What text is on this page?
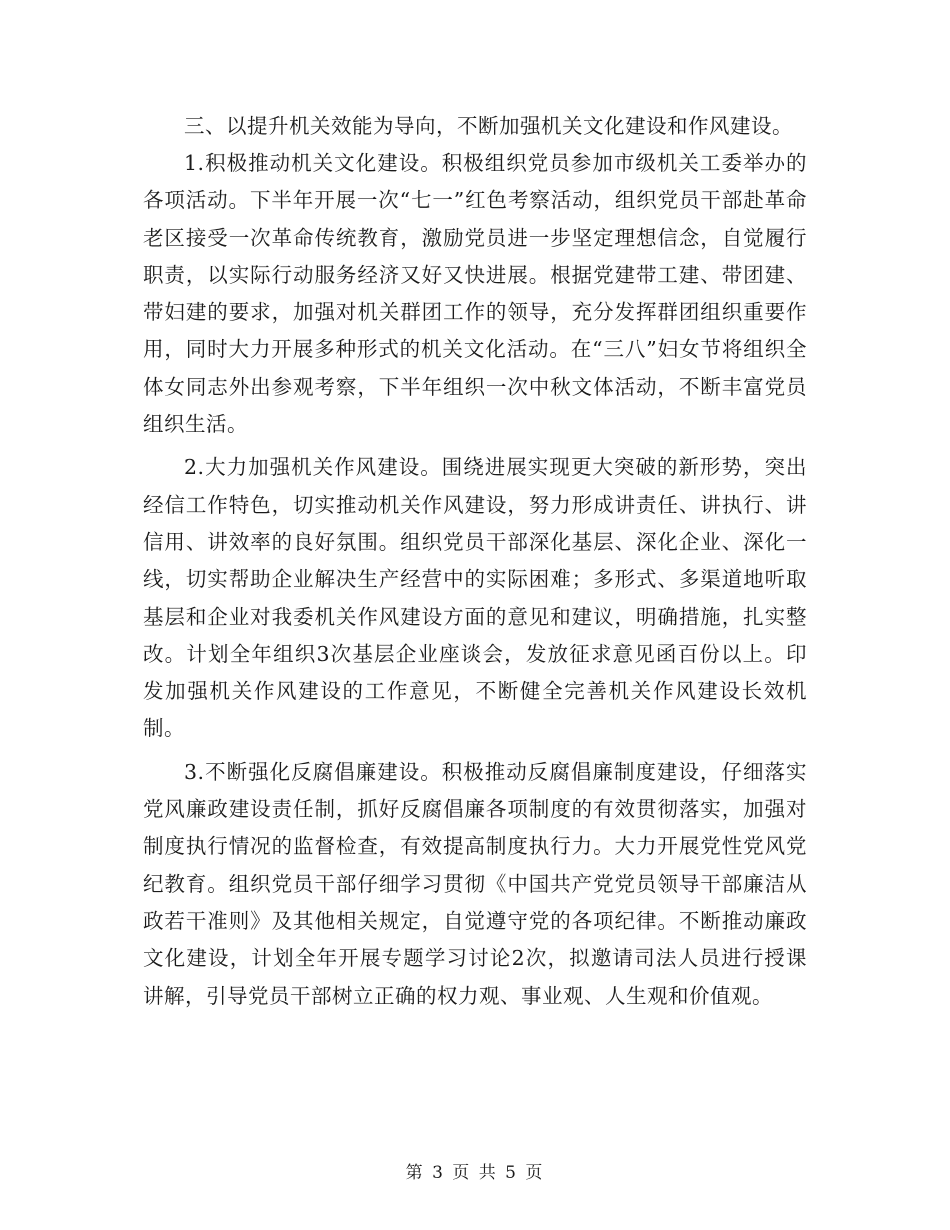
三、以提升机关效能为导向，不断加强机关文化建设和作风建设。

1.积极推动机关文化建设。积极组织党员参加市级机关工委举办的各项活动。下半年开展一次“七一”红色考察活动，组织党员干部赴革命老区接受一次革命传统教育，激励党员进一步坚定理想信念，自觉履行职责，以实际行动服务经济又好又快进展。根据党建带工建、带团建、带妇建的要求，加强对机关群团工作的领导，充分发挥群团组织重要作用，同时大力开展多种形式的机关文化活动。在“三八”妇女节将组织全体女同志外出参观考察，下半年组织一次中秋文体活动，不断丰富党员组织生活。

2.大力加强机关作风建设。围绕进展实现更大突破的新形势，突出经信工作特色，切实推动机关作风建设，努力形成讲责任、讲执行、讲信用、讲效率的良好氛围。组织党员干部深化基层、深化企业、深化一线，切实帮助企业解决生产经营中的实际困难；多形式、多渠道地听取基层和企业对我委机关作风建设方面的意见和建议，明确措施，扎实整改。计划全年组织3次基层企业座谈会，发放征求意见函百份以上。印发加强机关作风建设的工作意见，不断健全完善机关作风建设长效机制。

3.不断强化反腐倡廉建设。积极推动反腐倡廉制度建设，仔细落实党风廉政建设责任制，抓好反腐倡廉各项制度的有效贯彻落实，加强对制度执行情况的监督检查，有效提高制度执行力。大力开展党性党风党纪教育。组织党员干部仔细学习贯彻《中国共产党党员领导干部廉洁从政若干准则》及其他相关规定，自觉遵守党的各项纪律。不断推动廉政文化建设，计划全年开展专题学习讨论2次，拟邀请司法人员进行授课讲解，引导党员干部树立正确的权力观、事业观、人生观和价值观。

第 3 页 共 5 页
